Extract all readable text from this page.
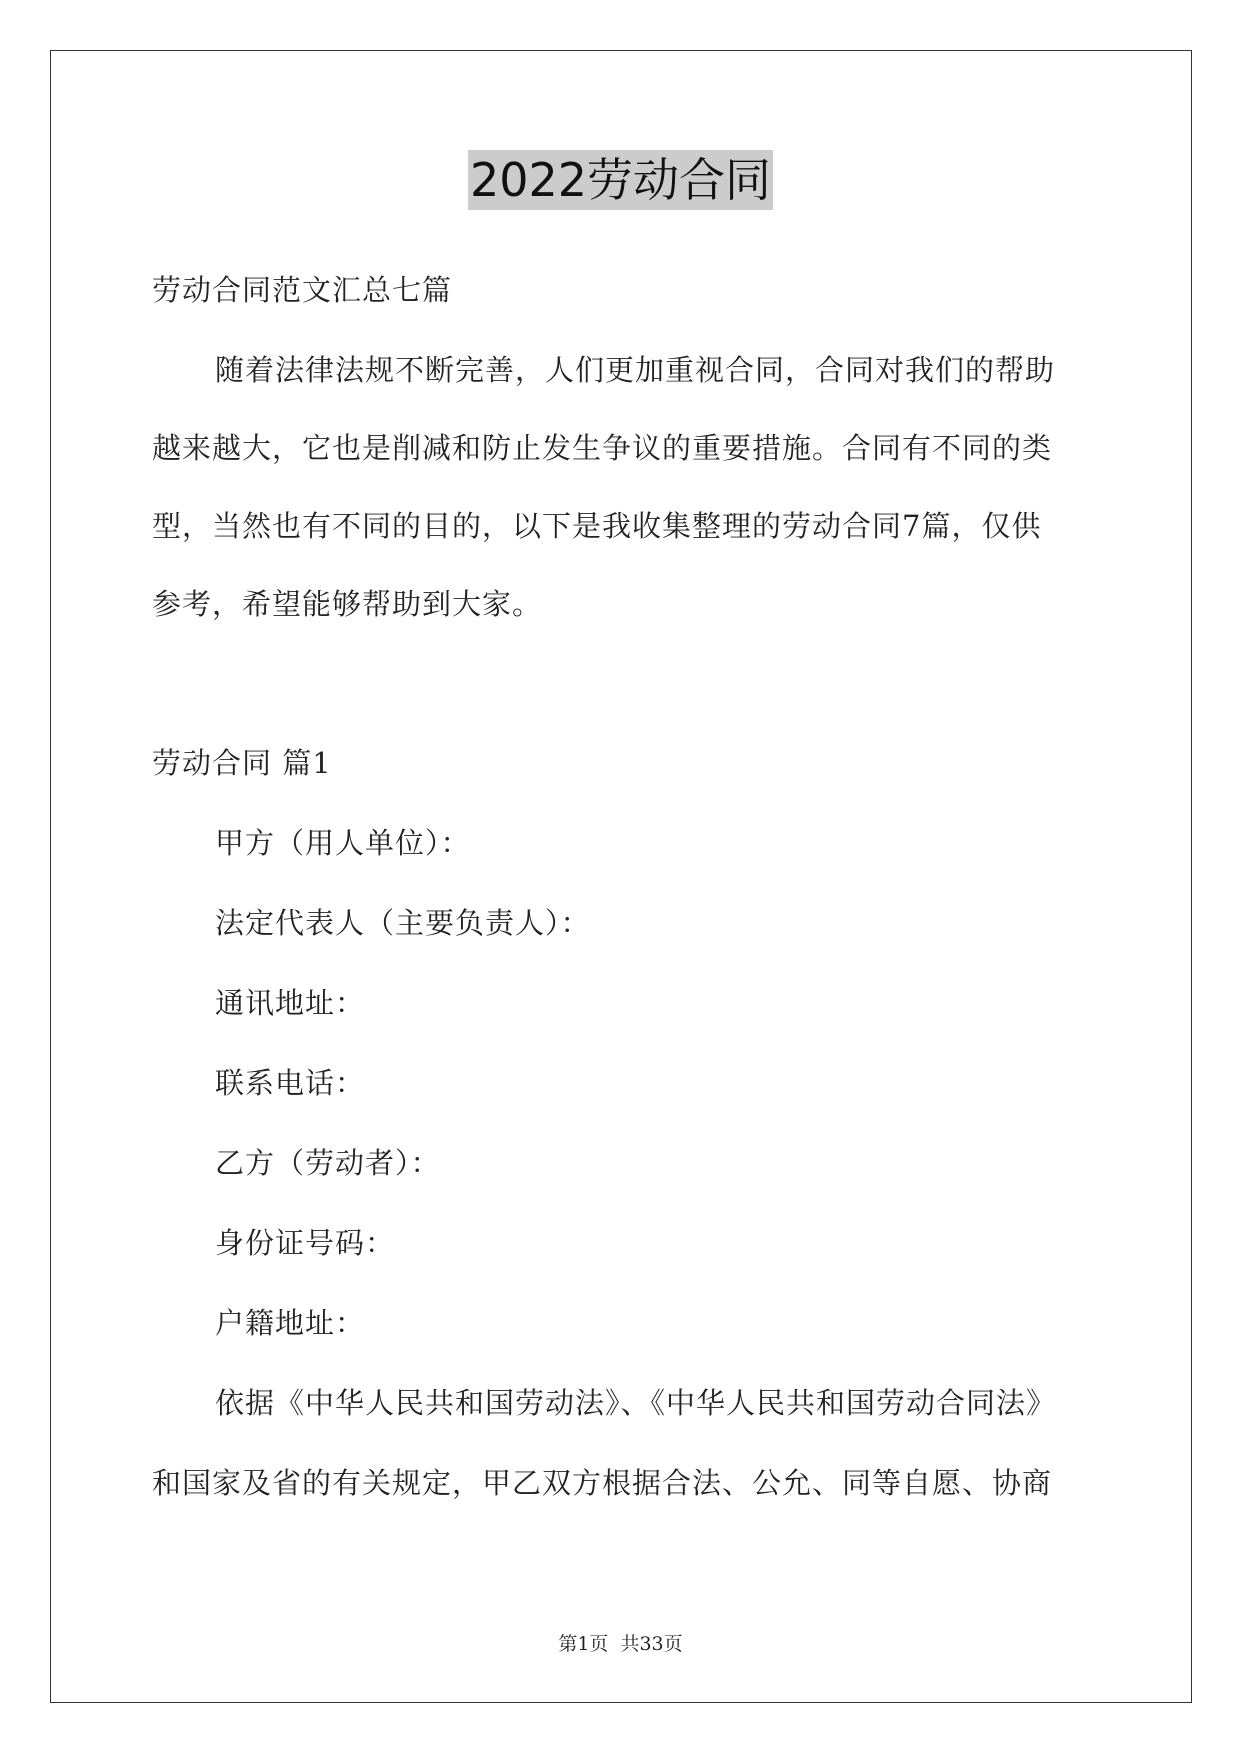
2022劳动合同
劳动合同范文汇总七篇
随着法律法规不断完善，人们更加重视合同，合同对我们的帮助
越来越大，它也是削减和防止发生争议的重要措施。合同有不同的类
型，当然也有不同的目的，以下是我收集整理的劳动合同7篇，仅供
参考，希望能够帮助到大家。
劳动合同 篇1
甲方（用人单位）：
法定代表人（主要负责人）：
通讯地址：
联系电话：
乙方（劳动者）：
身份证号码：
户籍地址：
依据《中华人民共和国劳动法》、《中华人民共和国劳动合同法》
和国家及省的有关规定，甲乙双方根据合法、公允、同等自愿、协商
第1页 共33页
